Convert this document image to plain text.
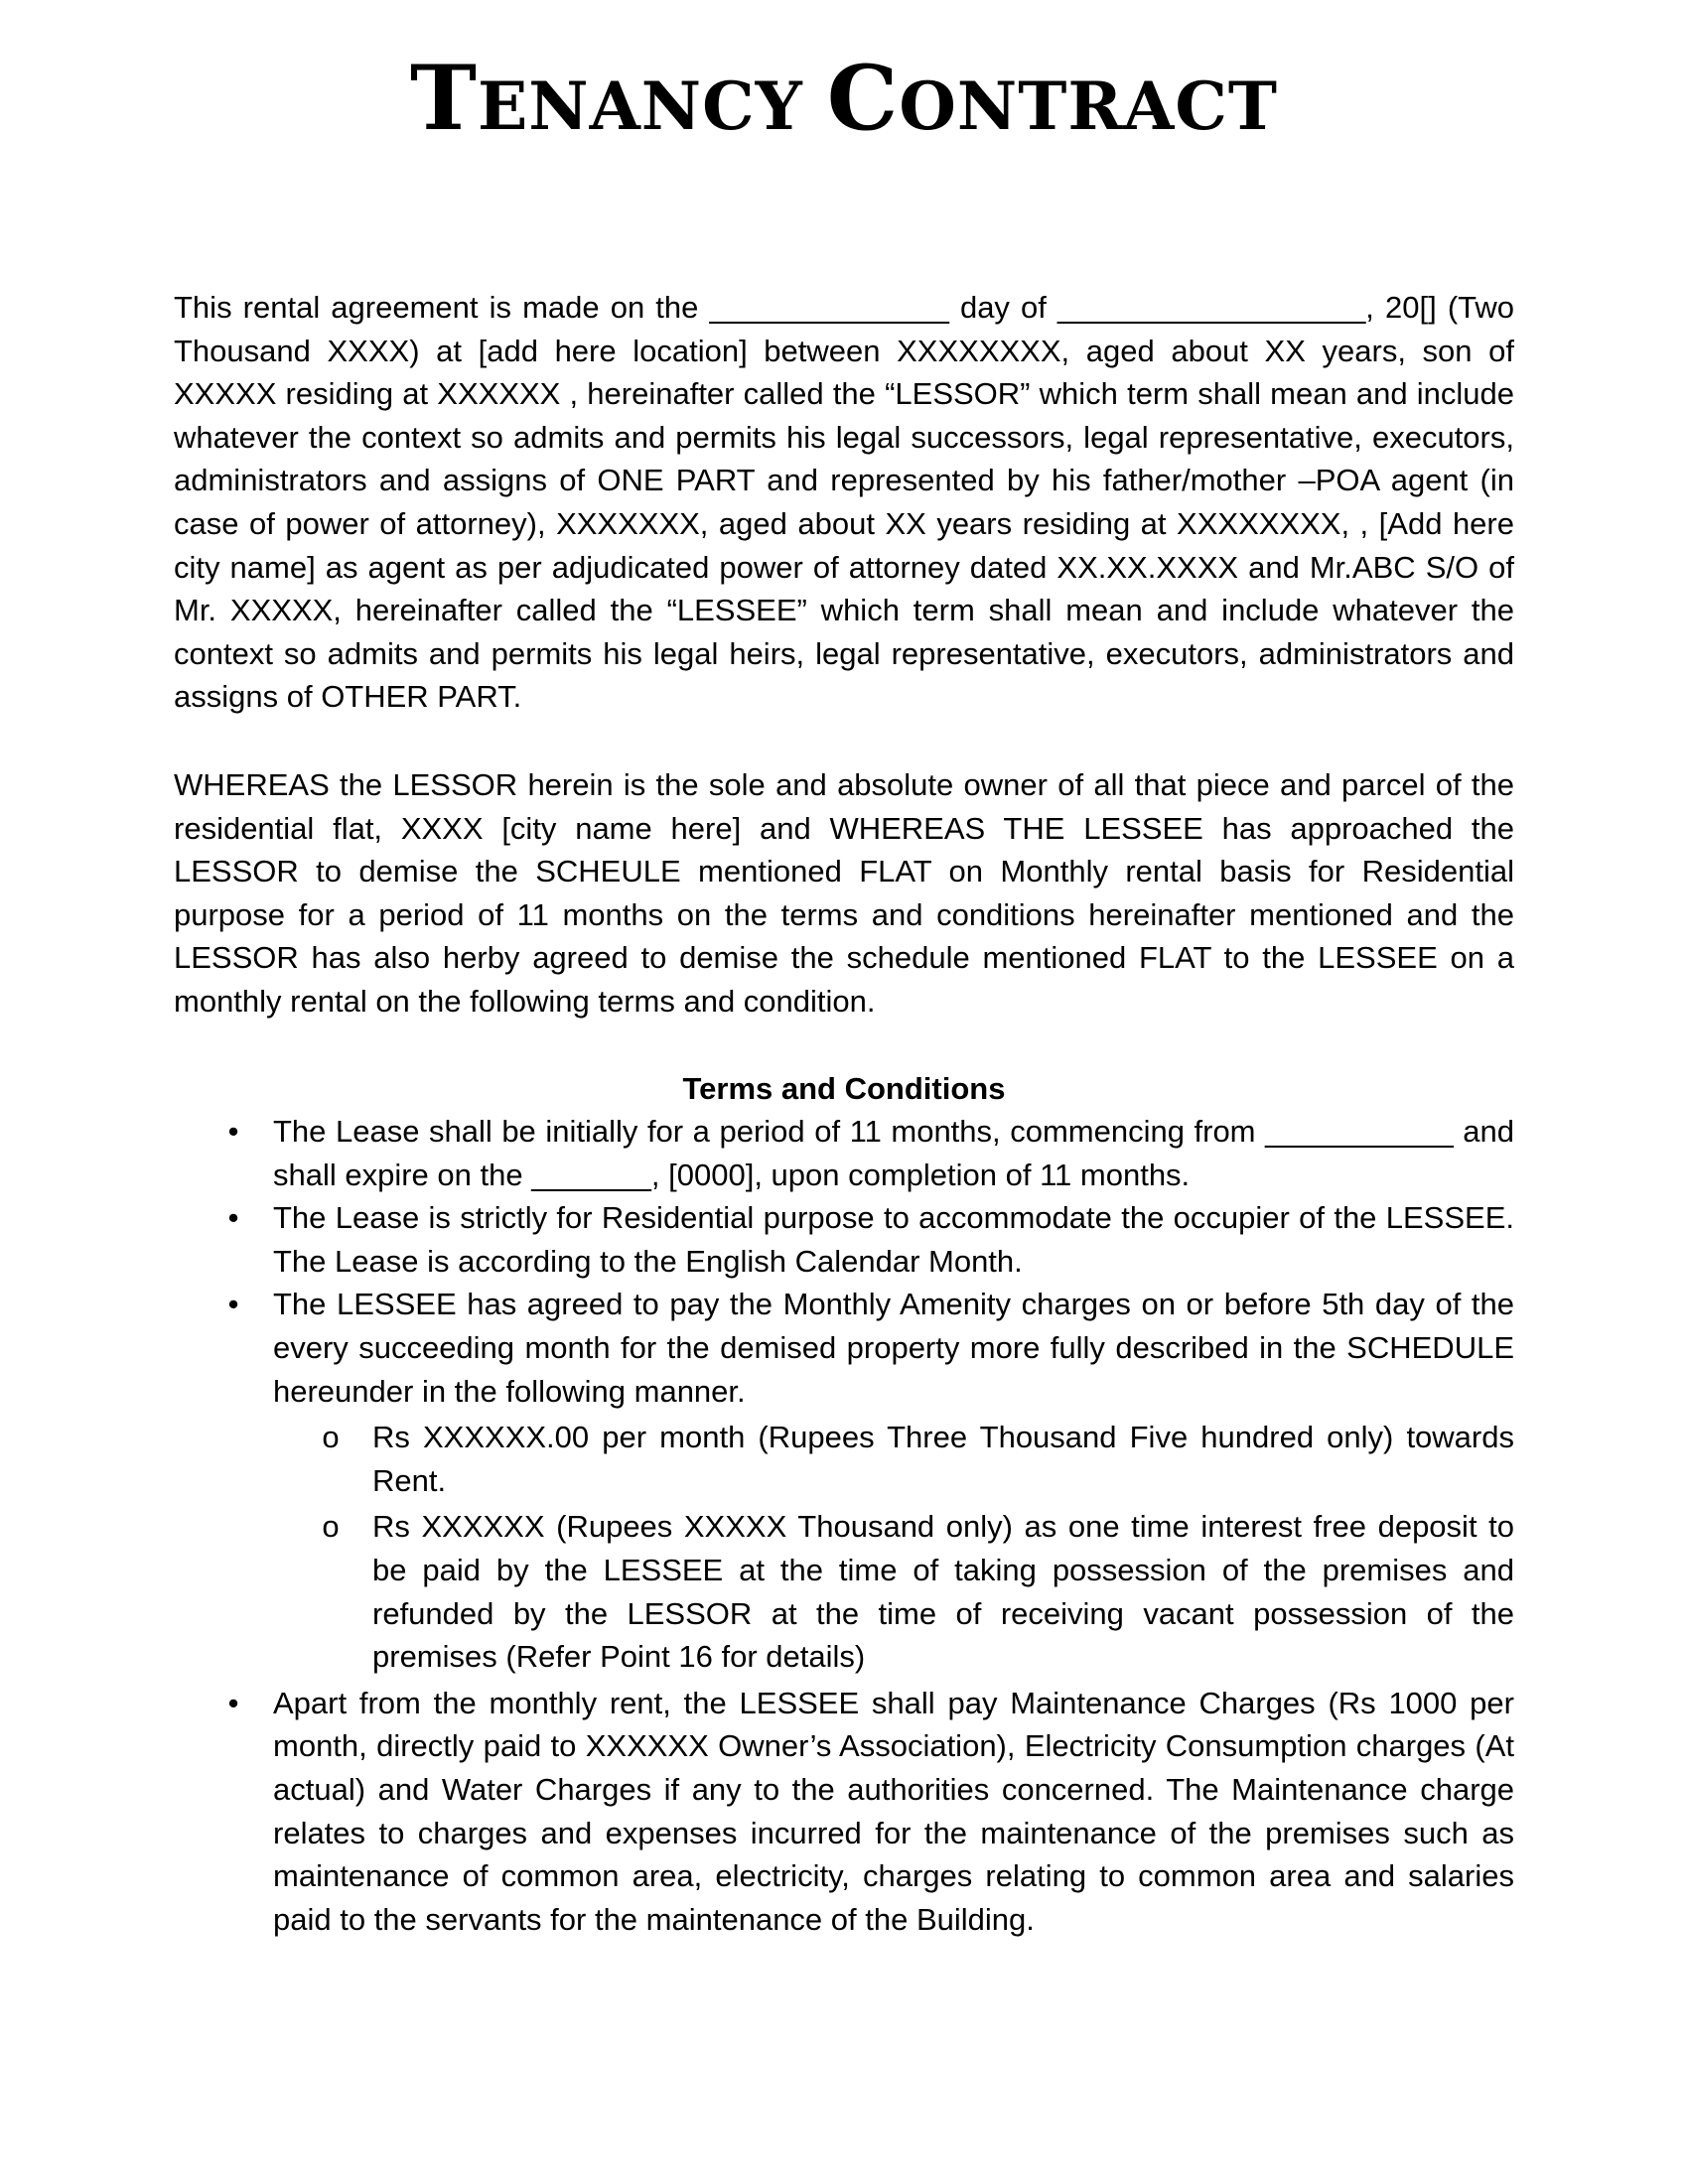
TENANCY CONTRACT

This rental agreement is made on the ______________ day of __________________, 20[] (Two Thousand XXXX) at [add here location] between XXXXXXXX, aged about XX years, son of XXXXX residing at XXXXXX , hereinafter called the “LESSOR” which term shall mean and include whatever the context so admits and permits his legal successors, legal representative, executors, administrators and assigns of ONE PART and represented by his father/mother –POA agent (in case of power of attorney), XXXXXXX, aged about XX years residing at XXXXXXXX, , [Add here city name] as agent as per adjudicated power of attorney dated XX.XX.XXXX and Mr.ABC S/O of Mr. XXXXX, hereinafter called the “LESSEE” which term shall mean and include whatever the context so admits and permits his legal heirs, legal representative, executors, administrators and assigns of OTHER PART.

WHEREAS the LESSOR herein is the sole and absolute owner of all that piece and parcel of the residential flat, XXXX [city name here] and WHEREAS THE LESSEE has approached the LESSOR to demise the SCHEULE mentioned FLAT on Monthly rental basis for Residential purpose for a period of 11 months on the terms and conditions hereinafter mentioned and the LESSOR has also herby agreed to demise the schedule mentioned FLAT to the LESSEE on a monthly rental on the following terms and condition.

Terms and Conditions
• The Lease shall be initially for a period of 11 months, commencing from ___________ and shall expire on the _______, [0000], upon completion of 11 months.
• The Lease is strictly for Residential purpose to accommodate the occupier of the LESSEE. The Lease is according to the English Calendar Month.
• The LESSEE has agreed to pay the Monthly Amenity charges on or before 5th day of the every succeeding month for the demised property more fully described in the SCHEDULE hereunder in the following manner.
o Rs XXXXXX.00 per month (Rupees Three Thousand Five hundred only) towards Rent.
o Rs XXXXXX (Rupees XXXXX Thousand only) as one time interest free deposit to be paid by the LESSEE at the time of taking possession of the premises and refunded by the LESSOR at the time of receiving vacant possession of the premises (Refer Point 16 for details)
• Apart from the monthly rent, the LESSEE shall pay Maintenance Charges (Rs 1000 per month, directly paid to XXXXXX Owner’s Association), Electricity Consumption charges (At actual) and Water Charges if any to the authorities concerned. The Maintenance charge relates to charges and expenses incurred for the maintenance of the premises such as maintenance of common area, electricity, charges relating to common area and salaries paid to the servants for the maintenance of the Building.
